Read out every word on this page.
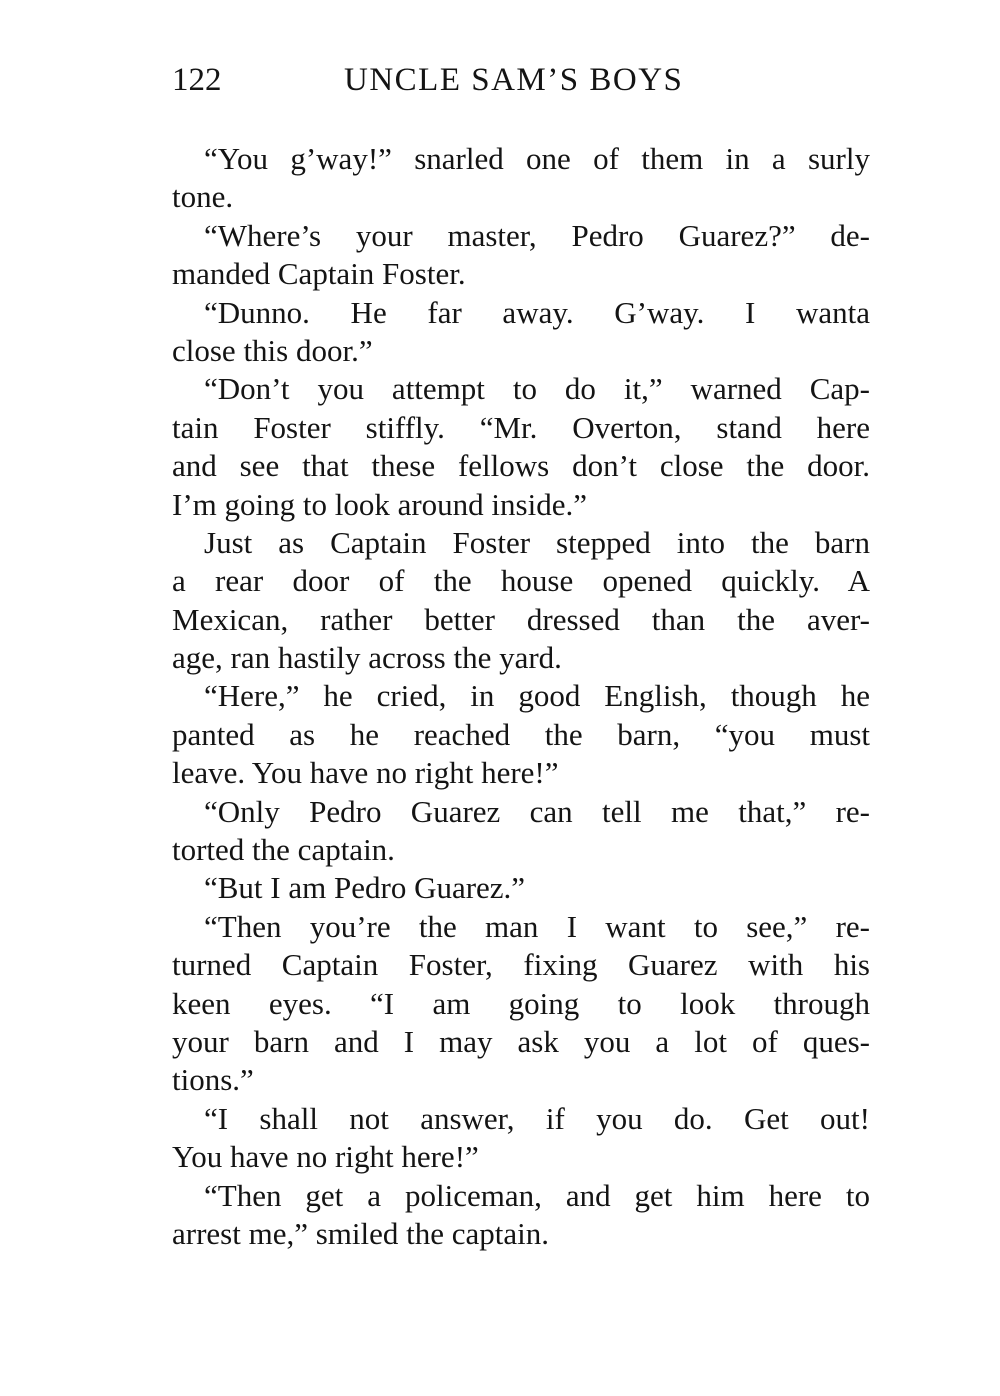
122	UNCLE SAM’S BOYS
“You g’way!” snarled one of them in a surly
tone.
“Where’s your master, Pedro Guarez?” de-
manded Captain Foster.
“Dunno. He far away. G’way. I wanta
close this door.”
“Don’t you attempt to do it,” warned Cap-
tain Foster stiffly. “Mr. Overton, stand here
and see that these fellows don’t close the door.
I’m going to look around inside.”
Just as Captain Foster stepped into the barn
a rear door of the house opened quickly. A
Mexican, rather better dressed than the aver-
age, ran hastily across the yard.
“Here,” he cried, in good English, though he
panted as he reached the barn, “you must
leave. You have no right here!”
“Only Pedro Guarez can tell me that,” re-
torted the captain.
“But I am Pedro Guarez.”
“Then you’re the man I want to see,” re-
turned Captain Foster, fixing Guarez with his
keen eyes. “I am going to look through
your barn and I may ask you a lot of ques-
tions.”
“I shall not answer, if you do. Get out!
You have no right here!”
“Then get a policeman, and get him here to
arrest me,” smiled the captain.
